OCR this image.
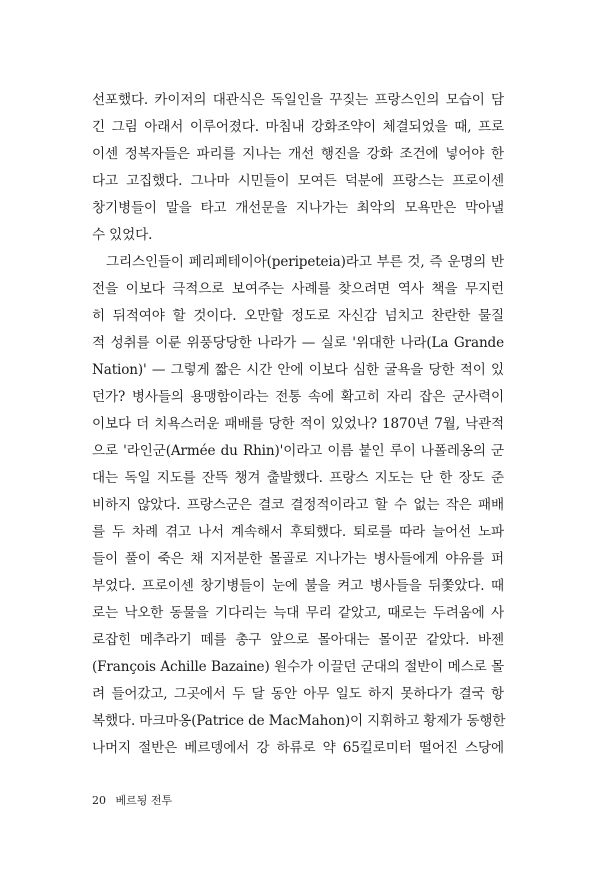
선포했다. 카이저의 대관식은 독일인을 꾸짖는 프랑스인의 모습이 담
긴 그림 아래서 이루어졌다. 마침내 강화조약이 체결되었을 때, 프로
이센 정복자들은 파리를 지나는 개선 행진을 강화 조건에 넣어야 한
다고 고집했다. 그나마 시민들이 모여든 덕분에 프랑스는 프로이센
창기병들이 말을 타고 개선문을 지나가는 최악의 모욕만은 막아낼
수 있었다.
그리스인들이 페리페테이아(peripeteia)라고 부른 것, 즉 운명의 반
전을 이보다 극적으로 보여주는 사례를 찾으려면 역사 책을 무지런
히 뒤적여야 할 것이다. 오만할 정도로 자신감 넘치고 찬란한 물질
적 성취를 이룬 위풍당당한 나라가 — 실로 '위대한 나라(La Grande
Nation)' — 그렇게 짧은 시간 안에 이보다 심한 굴욕을 당한 적이 있
던가? 병사들의 용맹함이라는 전통 속에 확고히 자리 잡은 군사력이
이보다 더 치욕스러운 패배를 당한 적이 있었나? 1870년 7월, 낙관적
으로 '라인군(Armée du Rhin)'이라고 이름 붙인 루이 나폴레옹의 군
대는 독일 지도를 잔뜩 챙겨 출발했다. 프랑스 지도는 단 한 장도 준
비하지 않았다. 프랑스군은 결코 결정적이라고 할 수 없는 작은 패배
를 두 차례 겪고 나서 계속해서 후퇴했다. 퇴로를 따라 늘어선 노파
들이 풀이 죽은 채 지저분한 몰골로 지나가는 병사들에게 야유를 퍼
부었다. 프로이센 창기병들이 눈에 불을 켜고 병사들을 뒤쫓았다. 때
로는 낙오한 동물을 기다리는 늑대 무리 같았고, 때로는 두려움에 사
로잡힌 메추라기 떼를 총구 앞으로 몰아대는 몰이꾼 같았다. 바젠
(François Achille Bazaine) 원수가 이끌던 군대의 절반이 메스로 몰
려 들어갔고, 그곳에서 두 달 동안 아무 일도 하지 못하다가 결국 항
복했다. 마크마옹(Patrice de MacMahon)이 지휘하고 황제가 동행한
나머지 절반은 베르뎅에서 강 하류로 약 65킬로미터 떨어진 스당에
20 베르됭 전투
